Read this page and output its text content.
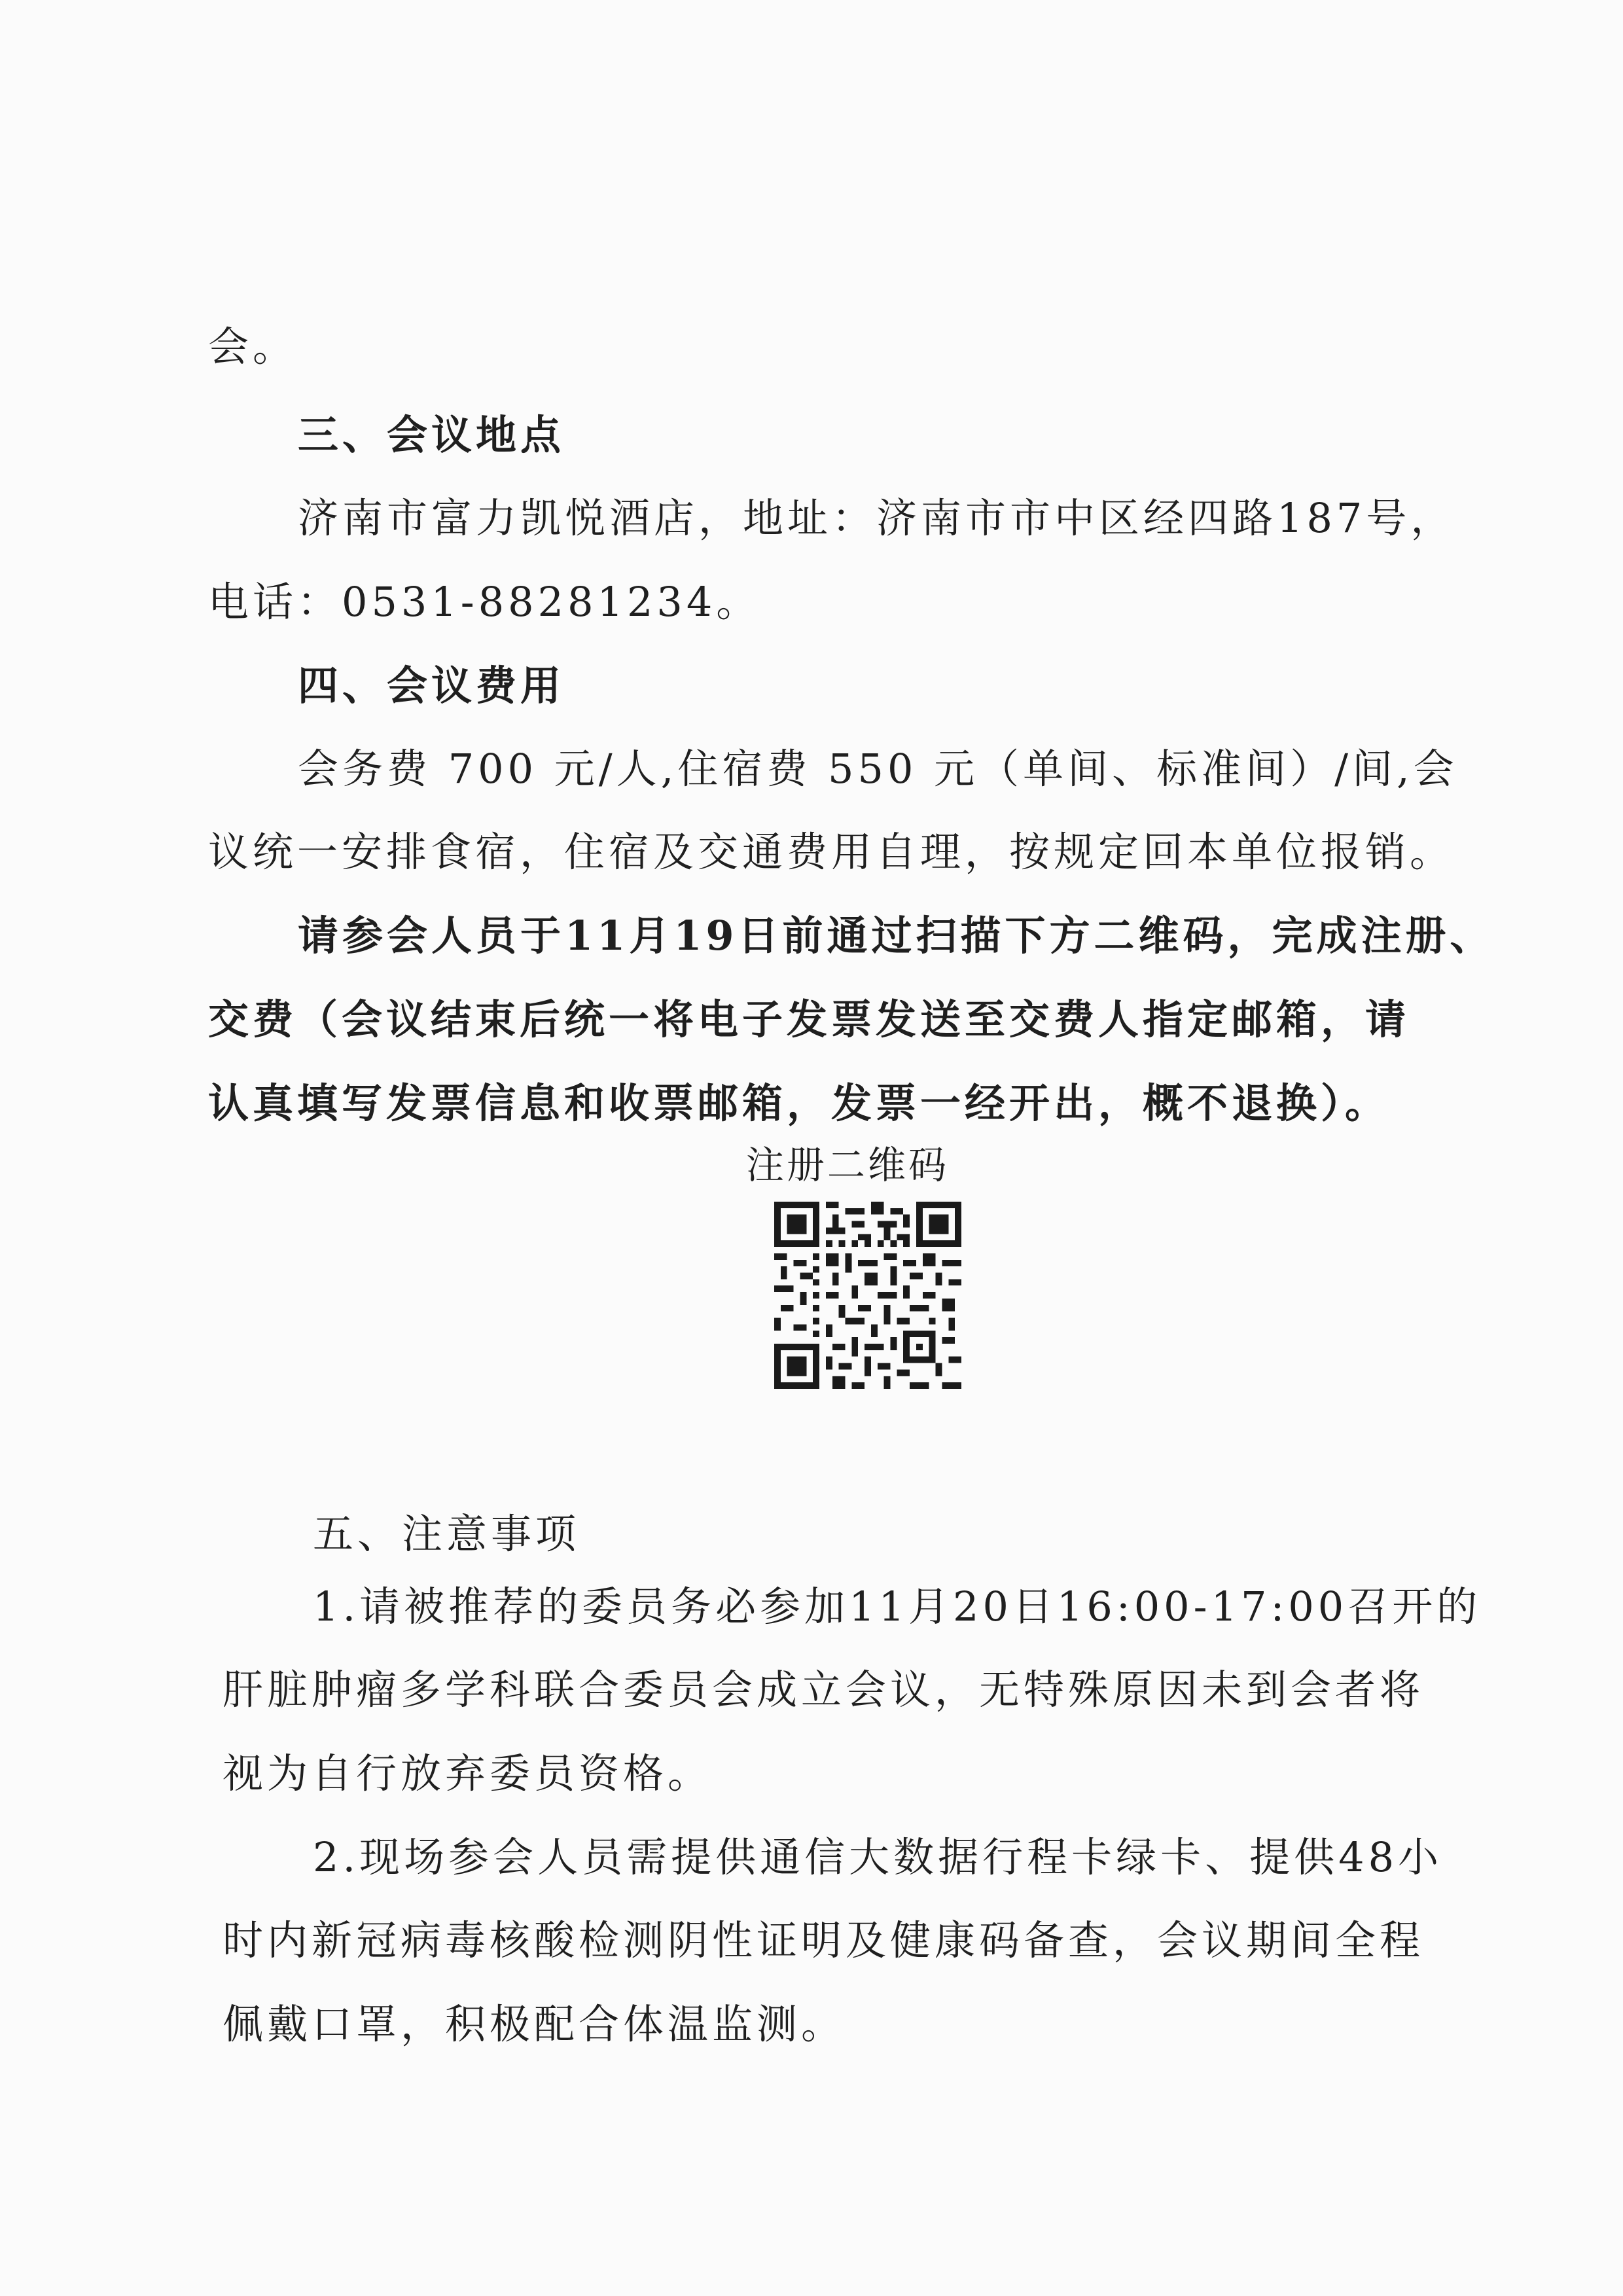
会。
三、会议地点
济南市富力凯悦酒店，地址：济南市市中区经四路187号，
电话：0531-88281234。
四、会议费用
会务费 700 元/人,住宿费 550 元（单间、标准间）/间,会
议统一安排食宿，住宿及交通费用自理，按规定回本单位报销。
请参会人员于11月19日前通过扫描下方二维码，完成注册、
交费（会议结束后统一将电子发票发送至交费人指定邮箱，请
认真填写发票信息和收票邮箱，发票一经开出，概不退换）。
注册二维码
五、注意事项
1.请被推荐的委员务必参加11月20日16:00-17:00召开的
肝脏肿瘤多学科联合委员会成立会议，无特殊原因未到会者将
视为自行放弃委员资格。
2.现场参会人员需提供通信大数据行程卡绿卡、提供48小
时内新冠病毒核酸检测阴性证明及健康码备查，会议期间全程
佩戴口罩，积极配合体温监测。
